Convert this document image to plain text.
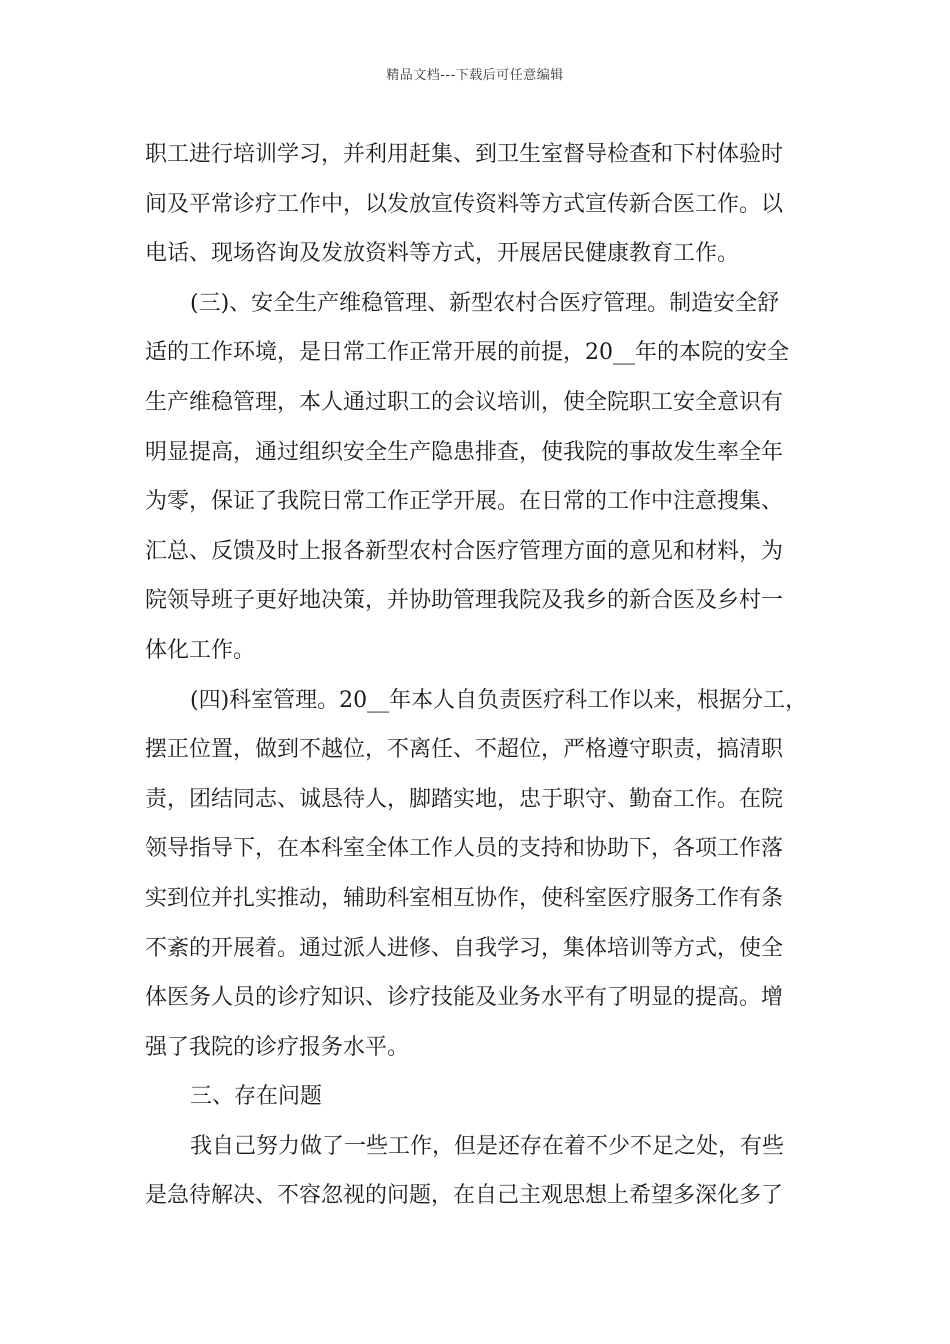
精品文档---下载后可任意编辑
职工进行培训学习，并利用赶集、到卫生室督导检查和下村体验时
间及平常诊疗工作中，以发放宣传资料等方式宣传新合医工作。以
电话、现场咨询及发放资料等方式，开展居民健康教育工作。
(三)、安全生产维稳管理、新型农村合医疗管理。制造安全舒
适的工作环境，是日常工作正常开展的前提，20__年的本院的安全
生产维稳管理，本人通过职工的会议培训，使全院职工安全意识有
明显提高，通过组织安全生产隐患排查，使我院的事故发生率全年
为零，保证了我院日常工作正学开展。在日常的工作中注意搜集、
汇总、反馈及时上报各新型农村合医疗管理方面的意见和材料，为
院领导班子更好地决策，并协助管理我院及我乡的新合医及乡村一
体化工作。
(四)科室管理。20__年本人自负责医疗科工作以来，根据分工，
摆正位置，做到不越位，不离任、不超位，严格遵守职责，搞清职
责，团结同志、诚恳待人，脚踏实地，忠于职守、勤奋工作。在院
领导指导下，在本科室全体工作人员的支持和协助下，各项工作落
实到位并扎实推动，辅助科室相互协作，使科室医疗服务工作有条
不紊的开展着。通过派人进修、自我学习，集体培训等方式，使全
体医务人员的诊疗知识、诊疗技能及业务水平有了明显的提高。增
强了我院的诊疗报务水平。
三、存在问题
我自己努力做了一些工作，但是还存在着不少不足之处，有些
是急待解决、不容忽视的问题，在自己主观思想上希望多深化多了
